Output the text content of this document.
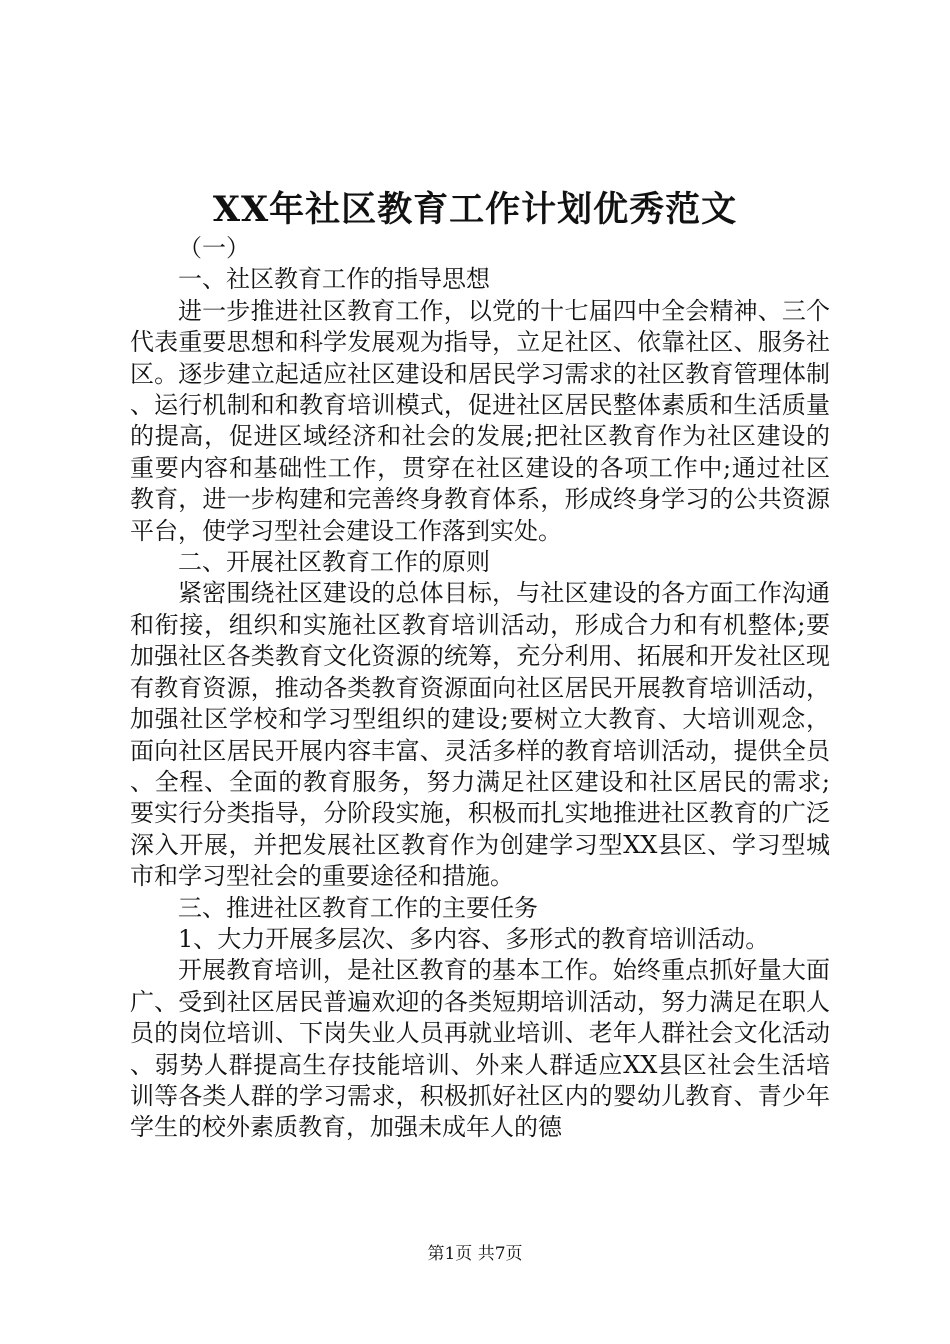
XX年社区教育工作计划优秀范文

（一）

一、社区教育工作的指导思想

进一步推进社区教育工作，以党的十七届四中全会精神、三个代表重要思想和科学发展观为指导，立足社区、依靠社区、服务社区。逐步建立起适应社区建设和居民学习需求的社区教育管理体制、运行机制和和教育培训模式，促进社区居民整体素质和生活质量的提高，促进区域经济和社会的发展;把社区教育作为社区建设的重要内容和基础性工作，贯穿在社区建设的各项工作中;通过社区教育，进一步构建和完善终身教育体系，形成终身学习的公共资源平台，使学习型社会建设工作落到实处。

二、开展社区教育工作的原则

紧密围绕社区建设的总体目标，与社区建设的各方面工作沟通和衔接，组织和实施社区教育培训活动，形成合力和有机整体;要加强社区各类教育文化资源的统筹，充分利用、拓展和开发社区现有教育资源，推动各类教育资源面向社区居民开展教育培训活动，加强社区学校和学习型组织的建设;要树立大教育、大培训观念，面向社区居民开展内容丰富、灵活多样的教育培训活动，提供全员、全程、全面的教育服务，努力满足社区建设和社区居民的需求;要实行分类指导，分阶段实施，积极而扎实地推进社区教育的广泛深入开展，并把发展社区教育作为创建学习型XX县区、学习型城市和学习型社会的重要途径和措施。

三、推进社区教育工作的主要任务

1、大力开展多层次、多内容、多形式的教育培训活动。

开展教育培训，是社区教育的基本工作。始终重点抓好量大面广、受到社区居民普遍欢迎的各类短期培训活动，努力满足在职人员的岗位培训、下岗失业人员再就业培训、老年人群社会文化活动、弱势人群提高生存技能培训、外来人群适应XX县区社会生活培训等各类人群的学习需求，积极抓好社区内的婴幼儿教育、青少年学生的校外素质教育，加强未成年人的德

第1页 共7页
